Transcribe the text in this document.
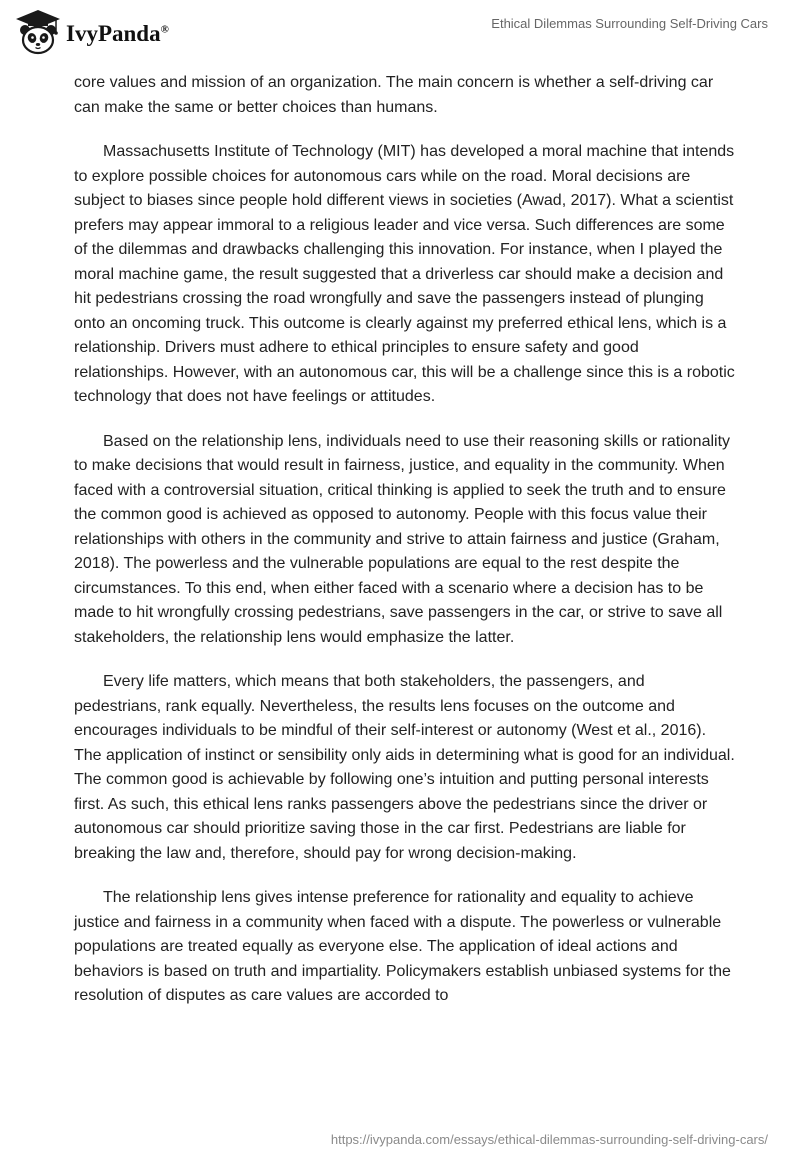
IvyPanda®	Ethical Dilemmas Surrounding Self-Driving Cars

core values and mission of an organization. The main concern is whether a self-driving car can make the same or better choices than humans.

Massachusetts Institute of Technology (MIT) has developed a moral machine that intends to explore possible choices for autonomous cars while on the road. Moral decisions are subject to biases since people hold different views in societies (Awad, 2017). What a scientist prefers may appear immoral to a religious leader and vice versa. Such differences are some of the dilemmas and drawbacks challenging this innovation. For instance, when I played the moral machine game, the result suggested that a driverless car should make a decision and hit pedestrians crossing the road wrongfully and save the passengers instead of plunging onto an oncoming truck. This outcome is clearly against my preferred ethical lens, which is a relationship. Drivers must adhere to ethical principles to ensure safety and good relationships. However, with an autonomous car, this will be a challenge since this is a robotic technology that does not have feelings or attitudes.

Based on the relationship lens, individuals need to use their reasoning skills or rationality to make decisions that would result in fairness, justice, and equality in the community. When faced with a controversial situation, critical thinking is applied to seek the truth and to ensure the common good is achieved as opposed to autonomy. People with this focus value their relationships with others in the community and strive to attain fairness and justice (Graham, 2018). The powerless and the vulnerable populations are equal to the rest despite the circumstances. To this end, when either faced with a scenario where a decision has to be made to hit wrongfully crossing pedestrians, save passengers in the car, or strive to save all stakeholders, the relationship lens would emphasize the latter.

Every life matters, which means that both stakeholders, the passengers, and pedestrians, rank equally. Nevertheless, the results lens focuses on the outcome and encourages individuals to be mindful of their self-interest or autonomy (West et al., 2016). The application of instinct or sensibility only aids in determining what is good for an individual. The common good is achievable by following one’s intuition and putting personal interests first. As such, this ethical lens ranks passengers above the pedestrians since the driver or autonomous car should prioritize saving those in the car first. Pedestrians are liable for breaking the law and, therefore, should pay for wrong decision-making.

The relationship lens gives intense preference for rationality and equality to achieve justice and fairness in a community when faced with a dispute. The powerless or vulnerable populations are treated equally as everyone else. The application of ideal actions and behaviors is based on truth and impartiality. Policymakers establish unbiased systems for the resolution of disputes as care values are accorded to

https://ivypanda.com/essays/ethical-dilemmas-surrounding-self-driving-cars/
